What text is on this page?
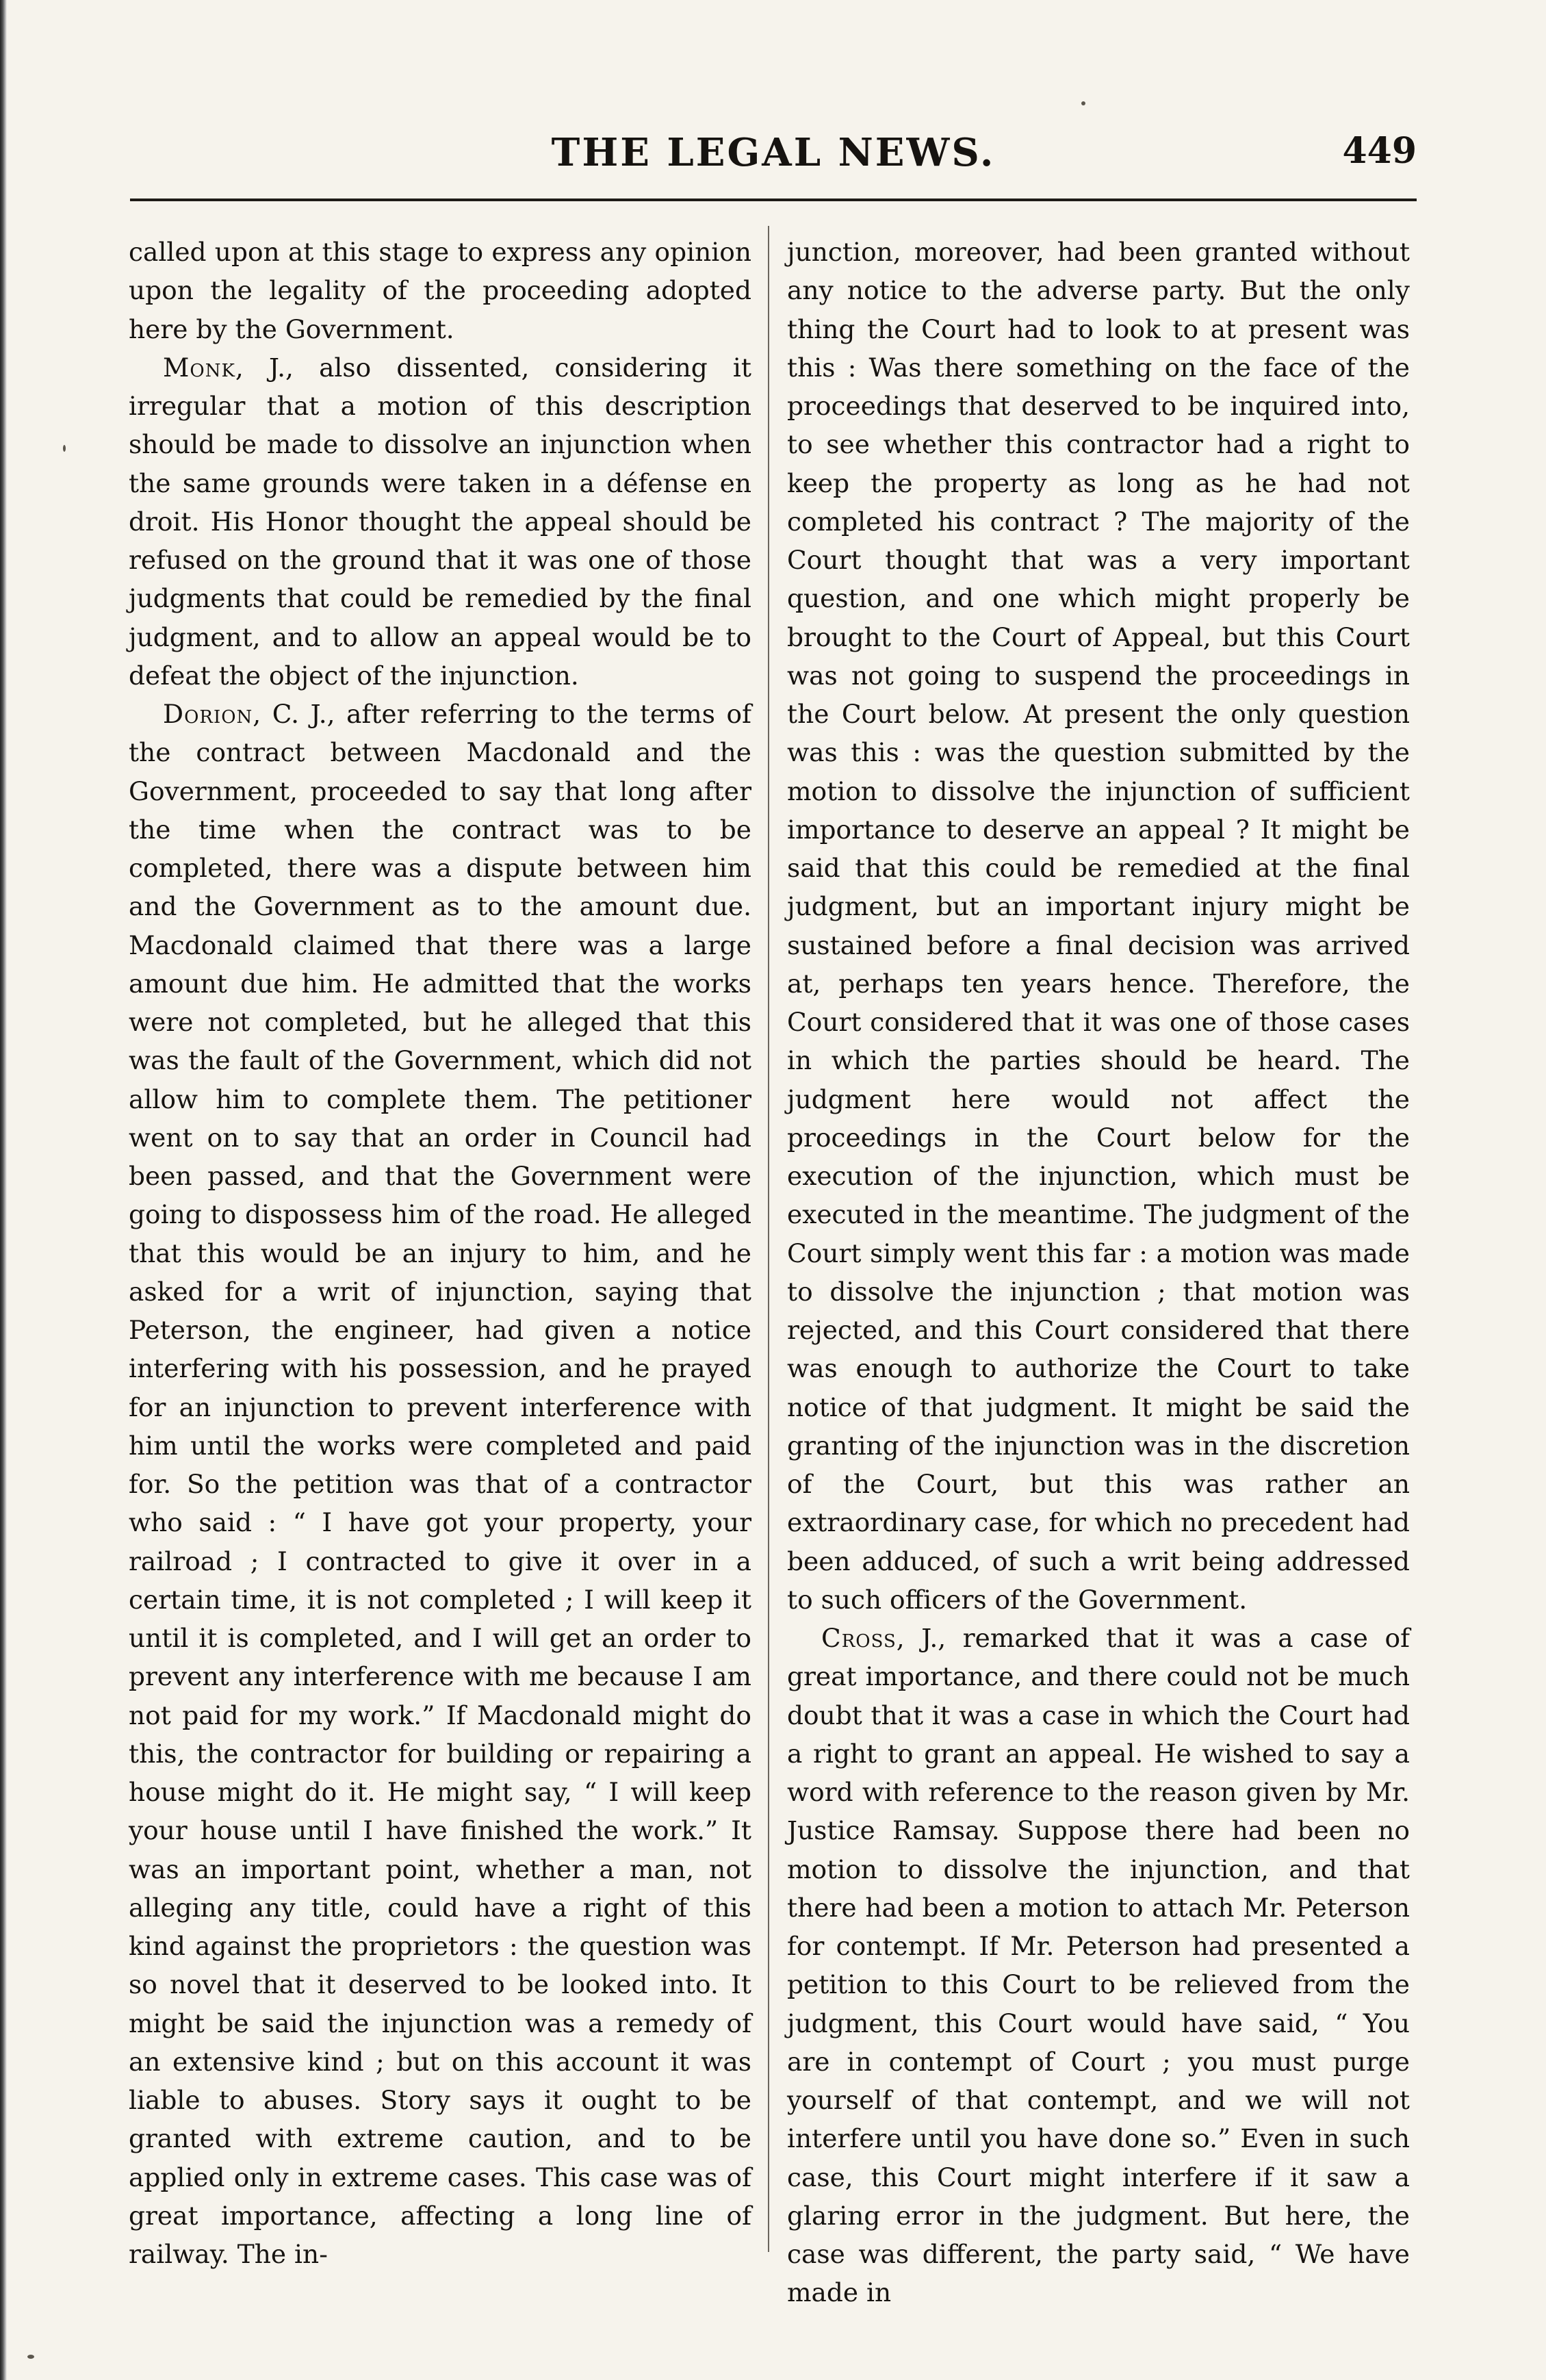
THE LEGAL NEWS.	449

called upon at this stage to express any opinion upon the legality of the proceeding adopted here by the Government.

Monk, J., also dissented, considering it irregular that a motion of this description should be made to dissolve an injunction when the same grounds were taken in a défense en droit. His Honor thought the appeal should be refused on the ground that it was one of those judgments that could be remedied by the final judgment, and to allow an appeal would be to defeat the object of the injunction.

Dorion, C. J., after referring to the terms of the contract between Macdonald and the Government, proceeded to say that long after the time when the contract was to be completed, there was a dispute between him and the Government as to the amount due. Macdonald claimed that there was a large amount due him. He admitted that the works were not completed, but he alleged that this was the fault of the Government, which did not allow him to complete them. The petitioner went on to say that an order in Council had been passed, and that the Government were going to dispossess him of the road. He alleged that this would be an injury to him, and he asked for a writ of injunction, saying that Peterson, the engineer, had given a notice interfering with his possession, and he prayed for an injunction to prevent interference with him until the works were completed and paid for. So the petition was that of a contractor who said : “ I have got your property, your railroad ; I contracted to give it over in a certain time, it is not completed ; I will keep it until it is completed, and I will get an order to prevent any interference with me because I am not paid for my work.” If Macdonald might do this, the contractor for building or repairing a house might do it. He might say, “ I will keep your house until I have finished the work.” It was an important point, whether a man, not alleging any title, could have a right of this kind against the proprietors : the question was so novel that it deserved to be looked into. It might be said the injunction was a remedy of an extensive kind ; but on this account it was liable to abuses. Story says it ought to be granted with extreme caution, and to be applied only in extreme cases. This case was of great importance, affecting a long line of railway. The in-

junction, moreover, had been granted without any notice to the adverse party. But the only thing the Court had to look to at present was this : Was there something on the face of the proceedings that deserved to be inquired into, to see whether this contractor had a right to keep the property as long as he had not completed his contract ? The majority of the Court thought that was a very important question, and one which might properly be brought to the Court of Appeal, but this Court was not going to suspend the proceedings in the Court below. At present the only question was this : was the question submitted by the motion to dissolve the injunction of sufficient importance to deserve an appeal ? It might be said that this could be remedied at the final judgment, but an important injury might be sustained before a final decision was arrived at, perhaps ten years hence. Therefore, the Court considered that it was one of those cases in which the parties should be heard. The judgment here would not affect the proceedings in the Court below for the execution of the injunction, which must be executed in the meantime. The judgment of the Court simply went this far : a motion was made to dissolve the injunction ; that motion was rejected, and this Court considered that there was enough to authorize the Court to take notice of that judgment. It might be said the granting of the injunction was in the discretion of the Court, but this was rather an extraordinary case, for which no precedent had been adduced, of such a writ being addressed to such officers of the Government.

Cross, J., remarked that it was a case of great importance, and there could not be much doubt that it was a case in which the Court had a right to grant an appeal. He wished to say a word with reference to the reason given by Mr. Justice Ramsay. Suppose there had been no motion to dissolve the injunction, and that there had been a motion to attach Mr. Peterson for contempt. If Mr. Peterson had presented a petition to this Court to be relieved from the judgment, this Court would have said, “ You are in contempt of Court ; you must purge yourself of that contempt, and we will not interfere until you have done so.” Even in such case, this Court might interfere if it saw a glaring error in the judgment. But here, the case was different, the party said, “ We have made in
